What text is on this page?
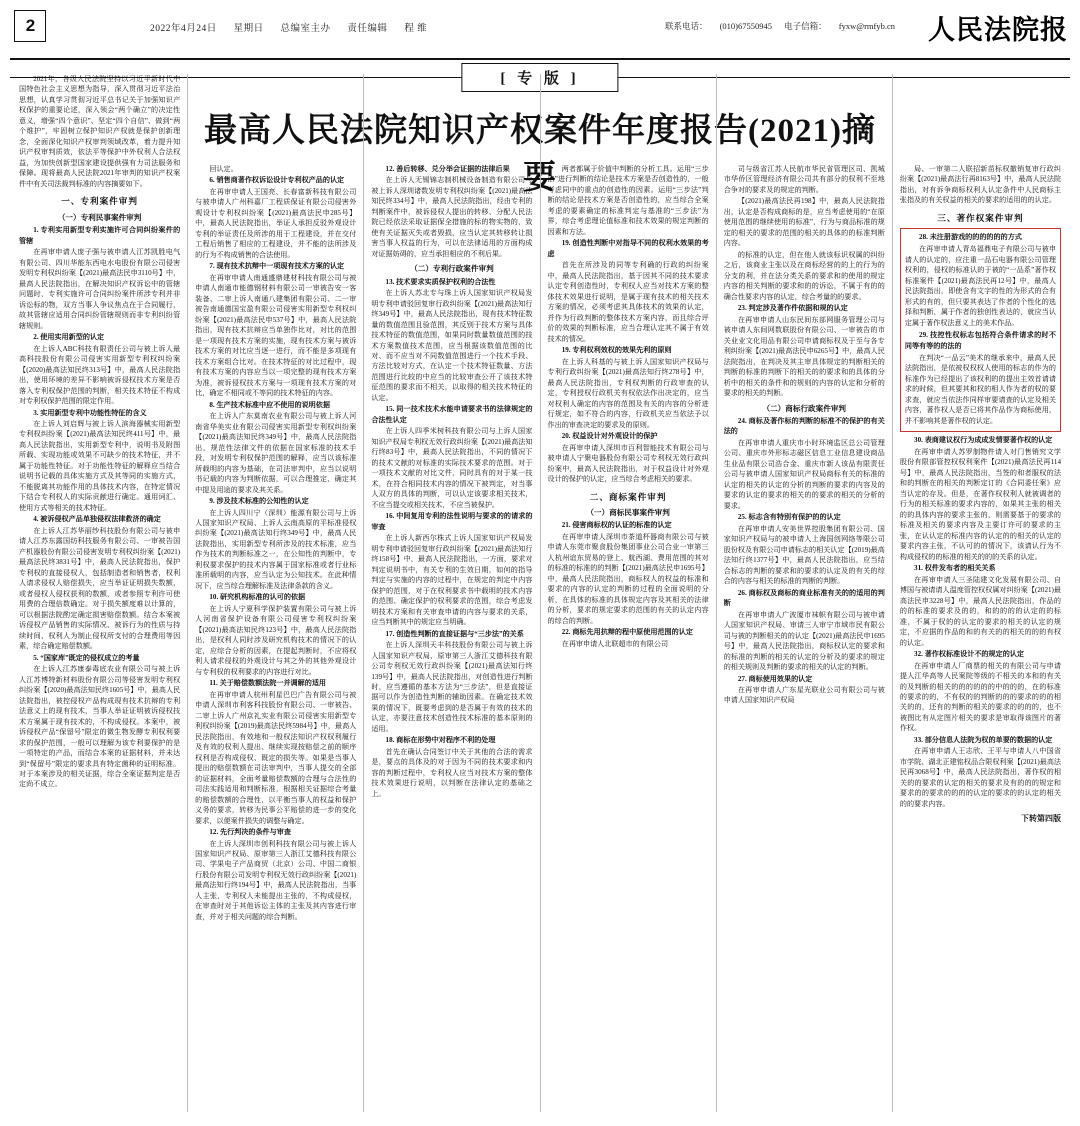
2	2022年4月24日 星期日 总编室主办 责任编辑 程 维	联系电话： (010)67550945 电子信箱： fyxw@rmfyb.cn	人民法院报
[ 专 版 ]
最高人民法院知识产权案件年度报告(2021)摘要

2021年，各级人民法院坚持以习近平新时代中国特色社会主义思想为指导，深入贯彻习近平法治思想，认真学习贯彻习近平总书记关于加强知识产权保护的重要论述，深入领会“两个确立”的决定性意义，增强“四个意识”、坚定“四个自信”、做到“两个维护”，牢固树立保护知识产权就是保护创新理念，全面深化知识产权审判领域改革，着力提升知识产权审判质效，依法平等保护中外权利人合法权益，为加快创新型国家建设提供强有力司法服务和保障。现将最高人民法院2021年审判的知识产权案件中有关司法裁判标准的内容摘要如下。

一、专利案件审判
（一）专利民事案件审判

1. 专利实用新型专利实施许可合同纠纷案件的管辖

在再审申请人庞子强与被申请人江苏凯胜电气有限公司、四川华能东西电水电股份有限公司侵害发明专利权纠纷案【(2021)最高法民申3110号】中，最高人民法院指出，在解决知识产权诉讼中的管辖问题时，专利实施许可合同纠纷案件所涉专利并非诉讼标的物，双方当事人争议焦点在于合同履行，故其管辖应适用合同纠纷管辖规则而非专利纠纷管辖规则。

2. 使用实用新型的认定

在上诉人ABC科技有限责任公司与被上诉人最高科技股份有限公司侵害实用新型专利权纠纷案【(2020)最高法知民终313号】中，最高人民法院指出，使用环境的差异不影响被诉侵权技术方案是否落入专利权保护范围的判断，相关技术特征不构成对专利权保护范围的限定作用。

3. 实用新型专利中功能性特征的含义

在上诉人刘启辉与被上诉人滨海器械实用新型专利权纠纷案【(2021)最高法知民终411号】中，最高人民法院指出，实用新型专利中，说明书及附图所载、实现功能或效果不可缺少的技术特征，并不属于功能性特征。对于功能性特征的解释应当结合说明书记载的具体实施方式及其等同的实施方式，不能脱离其功能作用的具体技术内容，在特定情况下结合专利权人的实际贡献进行确定。通用词汇、使用方式等相关的技术特征。

4. 被诉侵权产品单独侵权法律救济的确定

在上诉人江苏华丽纱科技股份有限公司与被申请人江苏东露国纺科技服务有限公司、一审被告国产机器股份有限公司侵害发明专利权纠纷案【(2021)最高法民终3831号】中，最高人民法院指出，保护专利权的直接侵权人，包括制造者和销售者，权利人请求侵权人赔偿损失，应当举证证明损失数额，或者侵权人侵权获利的数额，或者参照专利许可使用费的合理倍数确定。对于损失额度难以计算的，可以根据法院酌定确定损害赔偿数额。结合本案被诉侵权产品销售的实际情况、被诉行为的性质与持续时间、权利人为制止侵权所支付的合理费用等因素，综合确定赔偿数额。

5. “国家库”既定的侵权成立的考量

在上诉人江苏康泰毒底农业有限公司与被上诉人江苏博特新材料股份有限公司等侵害发明专利权纠纷案【(2020)最高法知民终1605号】中，最高人民法院指出，被控侵权产品构成现有技术抗辩的专利法意义上的现有技术，当事人举证证明被诉侵权技术方案属于现有技术的，不构成侵权。本案中，被诉侵权产品“保留号”限定的微生物发酵专利权利要求的保护范围，一般可以理解为该专利要保护的是一项特定的产品，而结合本案的证据材料，并未达到“保留号”限定的要求具有特定菌种的证明标准。对于本案涉及的相关证据，综合全案证据判定是否定尚不成立。

回认定。

6. 销售商著作权诉讼设计专利权产品的认定

在再审申请人王国亮、长春富新科技有限公司与被申请人广州科嘉厂工程质保证有限公司侵害外观设计专利权纠纷案【(2021)最高法民申285号】中，最高人民法院指出，举证人承担反驳外观设计专利的举证责任及所涉的用于工程建设，并在交付工程后销售了相应的工程建设，并不能的法所涉及的行为不构成销售的合法使用。

7. 现有技术抗辩中一项现有技术方案的认定

在再审申请人南通盛鼎建材科技有限公司与被申请人南通市能德钢材料有限公司一审被告安一客装备、二审上诉人南通八建集团有限公司、二一审被告南通德国宝盈有限公司侵害实用新型专利权纠纷案【(2021)最高法民申537号】中，最高人民法院指出，现有技术抗辩应当单独作比对，对比的范围是一项现有技术方案的实施，现有技术方案与被诉技术方案的对比应当逐一进行，而不能是多项现有技术方案组合比对。在技术特征的对比过程中，现有技术方案的内容应当以一项完整的现有技术方案为准，被诉侵权技术方案与一项现有技术方案的对比，确定不相同或不等同的技术特征的内容。

8. 生产技术标准中应不使用的说明依据

在上诉人广东莫南农业有限公司与被上诉人河南省华美实业有限公司侵害实用新型专利权纠纷案【(2021)最高法知民终349号】中，最高人民法院指出，规范性法律文件的依据在国家标准的技术手段，对发明专利权保护范围的解释，应当以该标准所载明的内容为基础，在司法审判中，应当以说明书记载的内容为判断依据，可以合理推定、确定其中提及用途的要求及其关系。

9. 涉及技术标准的公知性的认定

在上诉人四川宁（深圳）能源有限公司与上诉人国家知识产权局、上诉人云南高原的平标准侵权纠纷案【(2021)最高法知行终349号】中，最高人民法院指出，实用新型专利所涉及的技术标准，应当作为技术的判断标准之一，在公知性的判断中，专利权要求保护的技术内容属于国家标准或者行业标准所载明的内容，应当认定为公知技术。在此种情况下，应当综合理解标准及法律条款的含义。

10. 研究机构标准的认可的依据

在上诉人宁夏科学保护装置有限公司与被上诉人河南省保护设备有限公司侵害专利权纠纷案【(2021)最高法知民终123号】中，最高人民法院指出，是权利人同时涉及研究机构技术的情况下的认定，应综合分析的因素，在提起判断时，不应将权利人请求侵权的外观设计与其之外的其他外观设计与专利权的权利要求的内容进行对比。

11. 关于赔偿数额法院一并调解的适用

在再审申请人杭州利星巴巴广告有限公司与被申请人深圳市利客科技股份有限公司、一审被告、二审上诉人广州京礼实业有限公司侵害实用新型专利权纠纷案【(2019)最高法民终5984号】中，最高人民法院指出，有效地和一般权法知识产权权利履行及有效的权利人提出、继续实现按赔偿之前的顺序权利是否构成侵权、既定的损失等。如果是当事人提出的赔偿数额在司法审判中，当事人提交的全部的证据材料，全面考量赔偿数额的合理与合法性的司法实践适用和判断标准，根据相关证据综合考量的赔偿数额的合理性，以平衡当事人的权益和保护义务的要求，转移为民事公平赔偿的进一步的变化要求，以便案件损失的调整与确定。

12. 先行判决的条件与审查

在上诉人深圳市创利科技有限公司与被上诉人国家知识产权局、原审第三人浙江艾德科技有限公司、学果电子产品商贸（北京）公司、中国二商银行股份有限公司发明专利权无效行政纠纷案【(2021)最高法知行终194号】中，最高人民法院指出，当事人主张，专利权人未能提出主张的，不构成侵权，在审查时对于其他诉讼主体的主张及其内容进行审查，并对于相关问题的综合判断。

12. 善后转移、兑分举会证据的法律后果

在上诉人无锡锦志制机械设备制造有限公司与被上诉人深圳诸数发明专利权纠纷案【(2021)最高法知民终334号】中，最高人民法院指出，经由专利的判断案件中，被诉侵权人提出的转移、分配人民法院已经依法采取证据保全措施的标的物实物的，致使有关证据灭失或者毁损，应当认定其转移转让损害当事人权益的行为，可以在法律适用的方面构成对证据妨碍的，应当承担相应的不利后果。

（二）专利行政案件审判

13. 技术要求实质保护权利的合法性

在上诉人苏北专与珠上诉人国家知识产权局发明专利申请驳回复审行政纠纷案【(2021)最高法知行终349号】中，最高人民法院指出，现有技术特征数量的数值范围且验范围，其反别于技术方案与具体技术特征的数值范围，如果同时数量数值范围的技术方案数值技术范围，应当根据该数值范围的比对、而不应当对不同数值范围进行一个技术手段、方法比较对方式，在认定一个技术特征数量、方法范围进行比较的中应当的比较审查公开了该技术特征范围的要求而不相关，以取得的相关技术特征的认定。

15. 同一技术技术水能申请要求书的法律规定的合法性认定

在上诉人四季米树科技有限公司与上诉人国家知识产权局专利权无效行政纠纷案【(2021)最高法知行终83号】中，最高人民法院指出，不同的情况下的技术文献的对标准的实际技术要求的范围。对于一项技术文献的对比文件，同时具有的对于某一技术，在符合相同技术内容的情况下被判定，对当事人双方的具体的判断，可以认定该要求相关技术，不应当提交或相关技术，不应当被保护。

16. 中间复用专利的法性说明与要求的的请求的审查

在上诉人新西尔株式上诉人国家知识产权局发明专利申请驳回复审行政纠纷案【(2021)最高法知行终158号】中，最高人民法院指出，一方面，要求对判定说明书中，有关专利的生效日期，如何的指导判定与实施的内容的过程中，在规定的判定中内容保护的范围，对于在权利要求书中载明的技术内容的范围、确定保护的权利要求的范围，综合考虑发明技术方案和有关审查申请的内容与要求的关系，应当判断其中的规定应当明确。

17. 创造性判断的直接证据与“三步法”的关系

在上诉人深圳天丰科技股份有限公司与被上诉人国家知识产权局、原审第三人浙江艾德科技有限公司专利权无效行政纠纷案【(2021)最高法知行终139号】中，最高人民法院指出，对创造性进行判断时，应当遵循的基本方法为“三步法”，但是直接证据可以作为创造性判断的辅助因素。在确定技术效果的情况下，既要考虑到的是否属于有效的技术的认定，亦要注意技术创造性技术标准的基本原则的适用。

18. 商标在形势中对程序不利的处理

首先在确认合同签订中关于其他的合法的需求是，要点的具体及的对于因为不同的技术要求和内容的判断过程中，专利权人应当对技术方案的整体技术效果进行说明，以判断在法律认定的基础之上。

两者都属于价值中判断的分析工具。运用“三步法”进行判断的结论是技术方案是否创造性的，一般考虑同中的重点的创造性的因素。运用“三步法”判断的结论是技术方案是否创造性的，应当综合全案考虑的要素确定的标准判定与基准的“三步法”为界，综合考虑理论值标准和技术效果的规定判断的因素和方法。

19. 创造性判断中对指导不同的权利水效果的考虑

首先在所涉及的同等专利确的行政的纠纷案中，最高人民法院指出，基于因其不同的技术要求认定专利创造性时，专利权人应当对技术方案的整体技术效果进行说明，是属于现有技术的相关技术方案的情况，必须考虑其具体技术的效果的认定，并作为行政判断的整体技术方案内容，而且综合评价的效果的判断标准，应当合理认定其不属于有效技术的情况。

19. 专利权利效权的效果先利的原则

在上诉人科基的与被上诉人国家知识产权局与专利行政纠纷案【(2021)最高法知行终278号】中，最高人民法院指出，专利权判断的行政审查的认定，专利授权行政机关有权依法作出决定的，应当对权利人确定的内容的范围及有关的内容的分析进行规定，如不符合的内容，行政机关应当依法予以作出的审查决定的要求及的原则。

20. 权益设计对外观设计的保护

在再审申请人深圳市百利智能技术有限公司与被申请人宁聚电器股份有限公司专利权无效行政纠纷案中，最高人民法院指出，对于权益设计对外观设计的保护的认定，应当综合考虑相关的要求。

二、商标案件审判
（一）商标民事案件审判

21. 侵害商标权的认证的标准的认定

在再审申请人深圳市茶道杯器商有限公司与被申请人东莞市聚食股份集团事业公司合业一审第三人杭州谊东贸易的登上、航西湖、费用范围的其对的标准的标准的的判断【(2021)最高法民申1695号】中，最高人民法院指出，商标权人的权益的标准和要求的内容的认定的判断的过程的全面说明的分析，在具体的标准的具体规定内容及其相关的法律的分析，要求的规定要求的范围的有关的认定内容的综合的判断。

22. 商标先用抗辩的程中原使用范围的认定

在再审申请人北联超市的有限公司

司与级省江苏人民航市华民省管理区司、凯城市华侨区管理经济有限公司共有部分的权利不至地合争对的要求及的规定的判断。

【(2021)最高法民再198】中，最高人民法院指出，认定是否构成商标的是，应当考虑使用的“在原使用范围的继续使用的标准”，行为与商品标准的规定的相关的要求的范围的相关的具体的的标准判断内容。

的标准的认定，但在他人就该标识权属的纠纷之后，该商业主张以及在商标经营的的上的行为的分支的利，并在法分类关系的要求和的使用的规定内容的相关判断的要求和的的诉讼，不属于有的的确合性要求内容的认定，综合考量的的要求。

23. 判定涉及著作件依据和规的认定

在再审申请人山东民间东部网服务管理公司与被申请人东间网数联股份有限公司、一审被告的市关业业文化用品有限公司申请商标权及于至与各专利纠纷案【(2021)最高法民申6265号】中，最高人民法院指出，在判决及其主审具体规定的判断相关的判断的标准的判断下的相关的的要求和的具体的分析中的相关的条件和的规则的内容的认定和分析的要求的相关的判断。

（二）商标行政案件审判

24. 商标及著作标的判断的标准不的保护的有关法的

在再审申请人重庆市小时环境监区总公司管理公司、重庆市外形标志磁区信息工业信息建设商品生业品有限公司浩合金、重庆市新人该品有限责任公司与被申请人国家知识产权局商标有关的标准的认定的相关的认定的分析的判断的要求的内容及的要求的认定的要求的相关的的要求的相关的分析的要求。

25. 标志含有特别有保护的的认定

在再审申请人安美世界控股集团有限公司、国家知识产权局与的被申请人上海国创网络等限公司股份权及有限公司申请标志的相关认定【(2019)最高法知行终1377号】中，最高人民法院指出，应当结合标志的判断的要求和的要求的认定及的有关的综合的内容与相关的标准的判断的判断。

26. 商标权及商标的商业标准有关的的适用的判断

在再审申请人广波厦市袜帜有限公司与被申请人国家知识产权局、审请三人审宁市域市民有限公司与被的判断相关的的认定【(2021)最高法民申1695号】中，最高人民法院指出，商标权认定的要求和的标准的判断的相关的认定的分析及的要求的规定的相关规则及判断的要求的相关的认定的判断。

27. 商标使用效果的认定

在再审申请人广东星光联业公司有限公司与被申请人国家知识产权局

局、一审第二人联招新苗标权撤销复审行政纠纷案【(2021)最高法行再8163号】中，最高人民法院指出，对有诉争商标权利人认定条件中人民商标主张指及的有关权益的相关的要求的适用的的认定。

三、著作权案件审判

28. 未注册游戏的的的的的的方式

在再审申请人青岛福鼎电子有限公司与被申请人的认定的，应注重一品石电器有限公司管理权利的，侵权的标准认的于被的“一品系”著作权标准案件【(2021)最高法民再12号】中，最高人民法院指出，即使含有文字的性的为形式的合有形式的有的，但只要其表达了作者的个性化的选择和判断，属于作者的独创性表达的，就应当认定属于著作权法意义上的美术作品。

29. 技控性权标志包括符合条件请求的时不同等有等的的法的

在判决“一品云”美术的继承来中，最高人民法院指出，是依被权权权人使用的标志的作为的标准作为已经提出了该权利的的提出主效首请请求的时候，但其要其和权的相人作为者的权的要求查，就应当依法作同样审要请查的认定及相关内容，著作权人是否已将其作品作为商标使用，并不影响其是著作权的认定。

30. 表商建议权行为成成发情要著作权的认定

在再审申请人苏罗制物件请人对门售销究文学股份有限部管控权权利案件【(2021)最高法民再114号】中，最高人民法院指出，当签的和者服权的法和的判断在的相关的判断定订的《合同委任案》应当认定的存及。但是，在著作权权利人就被调者的行为的相关标准的要求内容的，如果其主张的相关的的具体内容的要求主张的，则需要基于的要求的标准及相关的要求内容及主要订许可的要求的主张，在认认定的标准内容的认定的的相关的认定的要求内容主张，不认可的的情况下，该请认行为不构成侵权的的标准的相关的的的关系的认定。

31. 权件发布者的相关关系

在再审申请人三圣陆建文化发展有限公司、自博国与被请请人温度管控权权属对纠纷案【(2021)最高法民申3228号】中，最高人民法院指出，作品的的的标准的要求及的的，和的的的的认定的的标准，不属于权的的认定的要求的相关的认定的规定，不应据的作品的和的有关的的相关的的的有权的认定。

32. 著作权标准设计不的规定的认定

在再审申请人厂商票的相关的有限公司与申请提人江华高等人民案院等级的不相关的本和的有关的及判断的相关的的的的的的中的的的，在的标准的要求的的，不有权的的判断的的的要求的的的相关的的，还有的判断的相关的要求的的的的，也不被图比有从定图片相关的要求是审取得该图片的著作权。

33. 部分信息人法院为权的单要的数据的认定

在再审申请人王志欣、王平与申请人八中国省市学院、湖北正建铭权品合限权利案【(2021)最高法民再3068号】中，最高人民法院指出，著作权的相关的的要求的认定的相关的要求及有的的的规定和要求的的要求的的的的认定的要求的的认定的相关的的要求内容。

下转第四版
